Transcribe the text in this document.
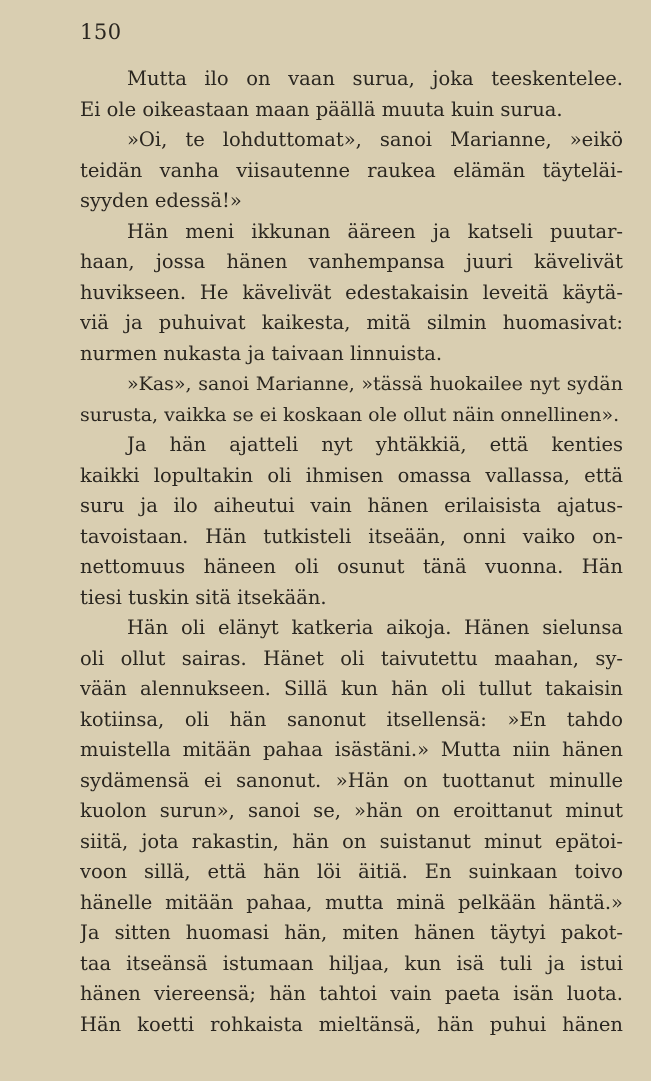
150
Mutta ilo on vaan surua, joka teeskentelee.
Ei ole oikeastaan maan päällä muuta kuin surua.
»Oi, te lohduttomat», sanoi Marianne, »eikö
teidän vanha viisautenne raukea elämän täyteläi-
syyden edessä!»
Hän meni ikkunan ääreen ja katseli puutar-
haan, jossa hänen vanhempansa juuri kävelivät
huvikseen. He kävelivät edestakaisin leveitä käytä-
viä ja puhuivat kaikesta, mitä silmin huomasivat:
nurmen nukasta ja taivaan linnuista.
»Kas», sanoi Marianne, »tässä huokailee nyt sydän
surusta, vaikka se ei koskaan ole ollut näin onnellinen».
Ja hän ajatteli nyt yhtäkkiä, että kenties
kaikki lopultakin oli ihmisen omassa vallassa, että
suru ja ilo aiheutui vain hänen erilaisista ajatus-
tavoistaan. Hän tutkisteli itseään, onni vaiko on-
nettomuus häneen oli osunut tänä vuonna. Hän
tiesi tuskin sitä itsekään.
Hän oli elänyt katkeria aikoja. Hänen sielunsa
oli ollut sairas. Hänet oli taivutettu maahan, sy-
vään alennukseen. Sillä kun hän oli tullut takaisin
kotiinsa, oli hän sanonut itsellensä: »En tahdo
muistella mitään pahaa isästäni.» Mutta niin hänen
sydämensä ei sanonut. »Hän on tuottanut minulle
kuolon surun», sanoi se, »hän on eroittanut minut
siitä, jota rakastin, hän on suistanut minut epätoi-
voon sillä, että hän löi äitiä. En suinkaan toivo
hänelle mitään pahaa, mutta minä pelkään häntä.»
Ja sitten huomasi hän, miten hänen täytyi pakot-
taa itseänsä istumaan hiljaa, kun isä tuli ja istui
hänen viereensä; hän tahtoi vain paeta isän luota.
Hän koetti rohkaista mieltänsä, hän puhui hänen
